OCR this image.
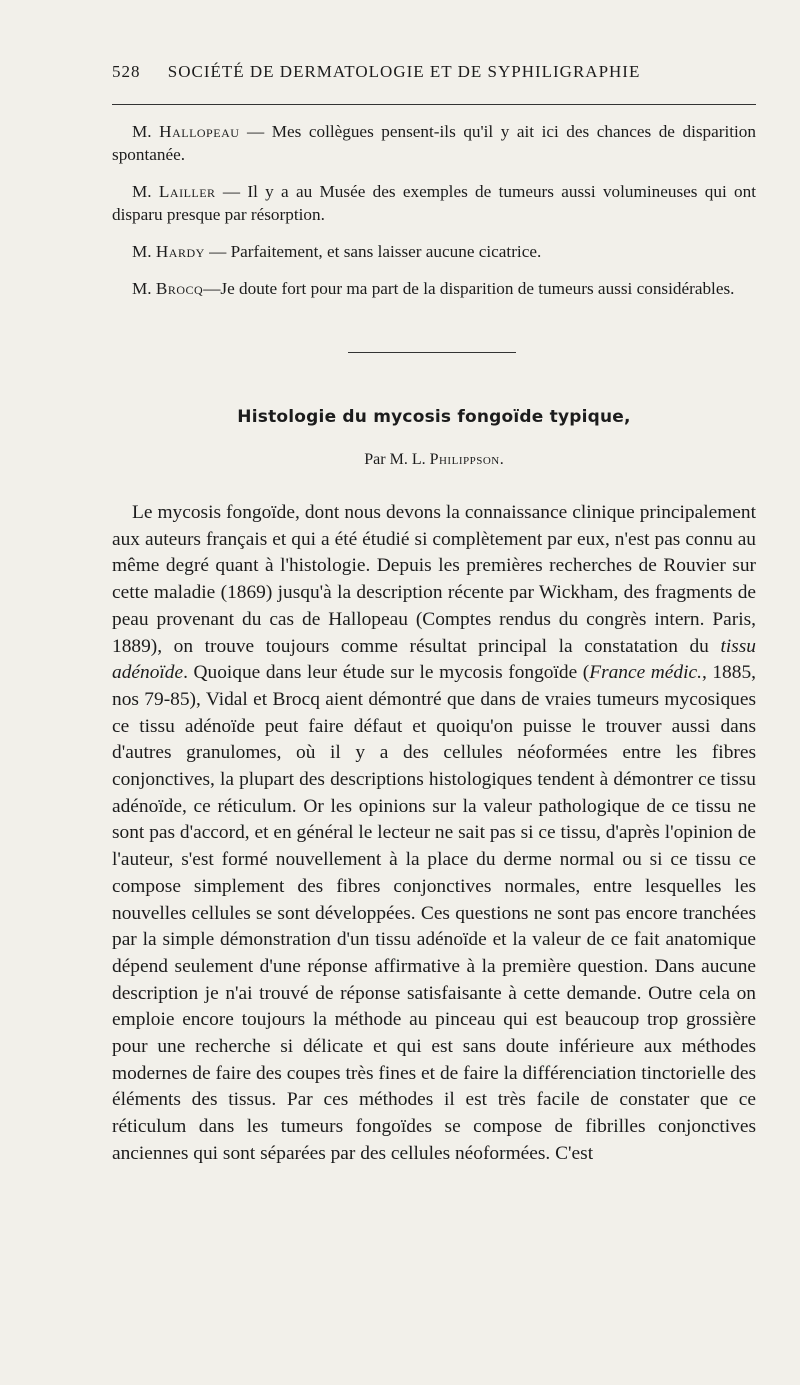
528 SOCIÉTÉ DE DERMATOLOGIE ET DE SYPHILIGRAPHIE

M. Hallopeau — Mes collègues pensent-ils qu'il y ait ici des chances de disparition spontanée.

M. Lailler — Il y a au Musée des exemples de tumeurs aussi volumineuses qui ont disparu presque par résorption.

M. Hardy — Parfaitement, et sans laisser aucune cicatrice.

M. Brocq—Je doute fort pour ma part de la disparition de tumeurs aussi considérables.

Histologie du mycosis fongoïde typique,
Par M. L. Philippson.

Le mycosis fongoïde, dont nous devons la connaissance clinique principalement aux auteurs français et qui a été étudié si complètement par eux, n'est pas connu au même degré quant à l'histologie. Depuis les premières recherches de Rouvier sur cette maladie (1869) jusqu'à la description récente par Wickham, des fragments de peau provenant du cas de Hallopeau (Comptes rendus du congrès intern. Paris, 1889), on trouve toujours comme résultat principal la constatation du tissu adénoïde. Quoique dans leur étude sur le mycosis fongoïde (France médic., 1885, nos 79-85), Vidal et Brocq aient démontré que dans de vraies tumeurs mycosiques ce tissu adénoïde peut faire défaut et quoiqu'on puisse le trouver aussi dans d'autres granulomes, où il y a des cellules néoformées entre les fibres conjonctives, la plupart des descriptions histologiques tendent à démontrer ce tissu adénoïde, ce réticulum. Or les opinions sur la valeur pathologique de ce tissu ne sont pas d'accord, et en général le lecteur ne sait pas si ce tissu, d'après l'opinion de l'auteur, s'est formé nouvellement à la place du derme normal ou si ce tissu ce compose simplement des fibres conjonctives normales, entre lesquelles les nouvelles cellules se sont développées. Ces questions ne sont pas encore tranchées par la simple démonstration d'un tissu adénoïde et la valeur de ce fait anatomique dépend seulement d'une réponse affirmative à la première question. Dans aucune description je n'ai trouvé de réponse satisfaisante à cette demande. Outre cela on emploie encore toujours la méthode au pinceau qui est beaucoup trop grossière pour une recherche si délicate et qui est sans doute inférieure aux méthodes modernes de faire des coupes très fines et de faire la différenciation tinctorielle des éléments des tissus. Par ces méthodes il est très facile de constater que ce réticulum dans les tumeurs fongoïdes se compose de fibrilles conjonctives anciennes qui sont séparées par des cellules néoformées. C'est
